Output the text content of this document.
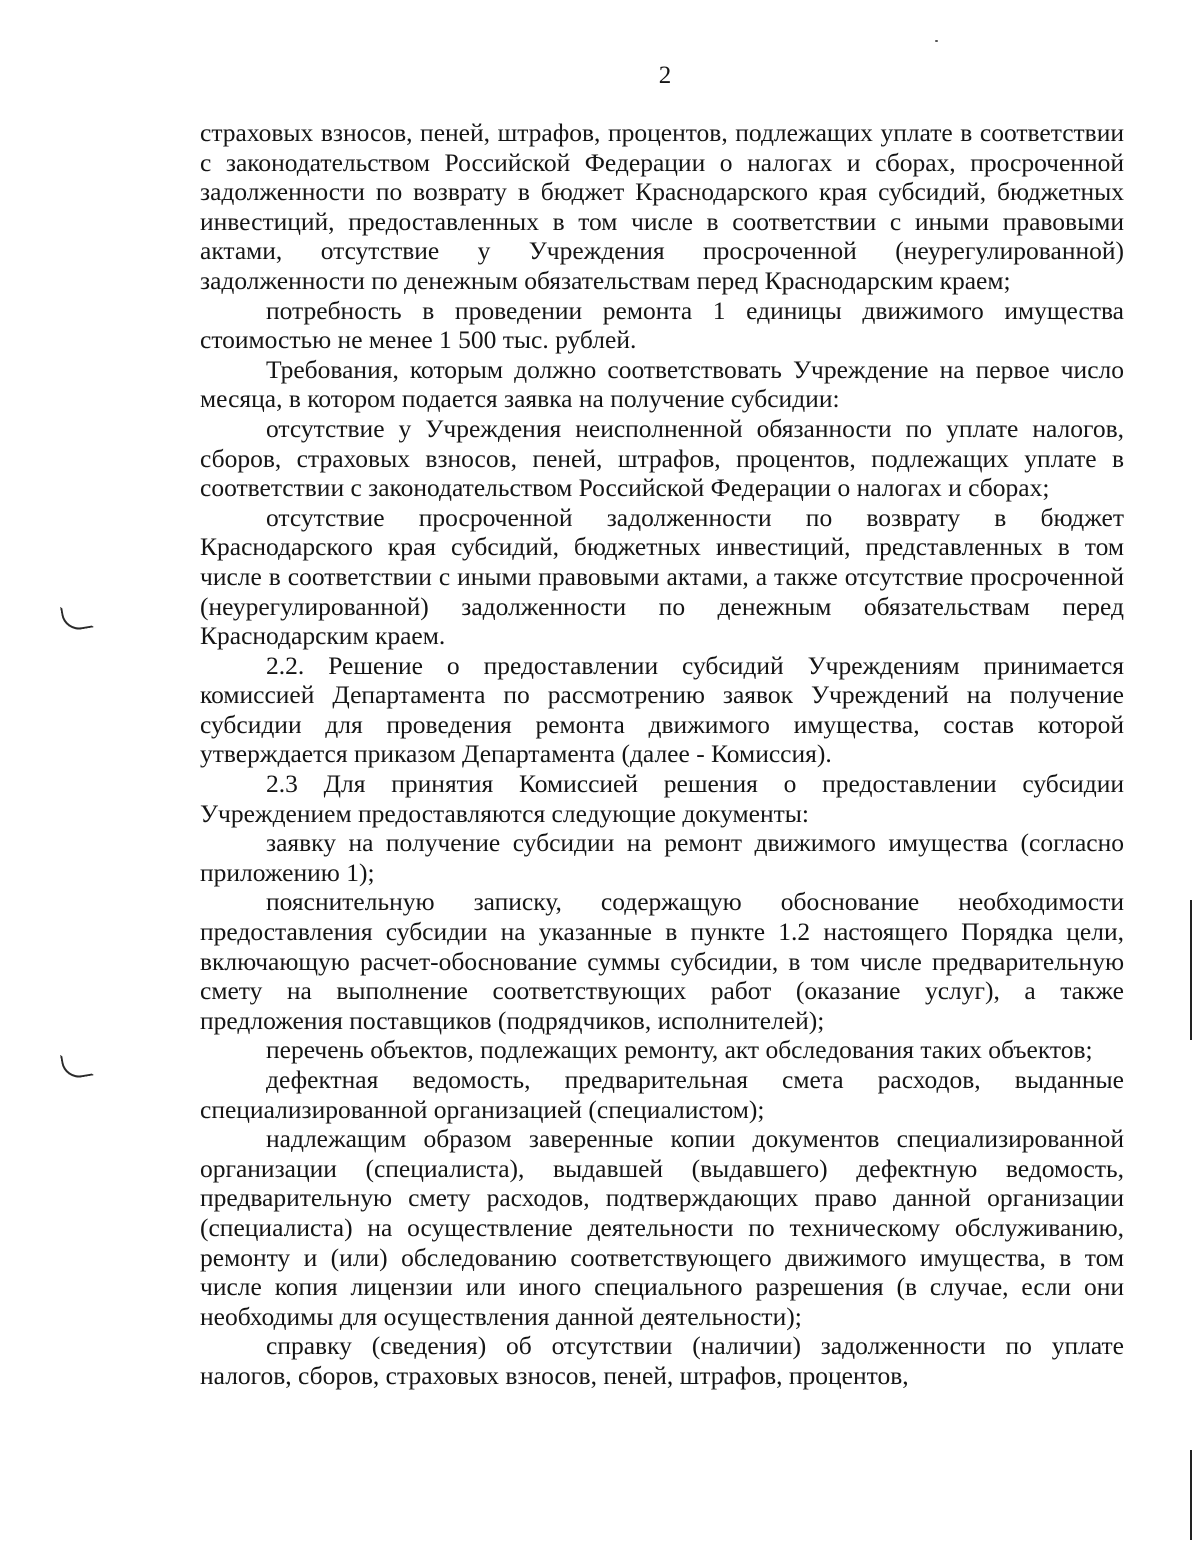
2

страховых взносов, пеней, штрафов, процентов, подлежащих уплате в соответствии с законодательством Российской Федерации о налогах и сборах, просроченной задолженности по возврату в бюджет Краснодарского края субсидий, бюджетных инвестиций, предоставленных в том числе в соответствии с иными правовыми актами, отсутствие у Учреждения просроченной (неурегулированной) задолженности по денежным обязательствам перед Краснодарским краем;

потребность в проведении ремонта 1 единицы движимого имущества стоимостью не менее 1 500 тыс. рублей.

Требования, которым должно соответствовать Учреждение на первое число месяца, в котором подается заявка на получение субсидии:

отсутствие у Учреждения неисполненной обязанности по уплате налогов, сборов, страховых взносов, пеней, штрафов, процентов, подлежащих уплате в соответствии с законодательством Российской Федерации о налогах и сборах;

отсутствие просроченной задолженности по возврату в бюджет Краснодарского края субсидий, бюджетных инвестиций, представленных в том числе в соответствии с иными правовыми актами, а также отсутствие просроченной (неурегулированной) задолженности по денежным обязательствам перед Краснодарским краем.

2.2. Решение о предоставлении субсидий Учреждениям принимается комиссией Департамента по рассмотрению заявок Учреждений на получение субсидии для проведения ремонта движимого имущества, состав которой утверждается приказом Департамента (далее - Комиссия).

2.3 Для принятия Комиссией решения о предоставлении субсидии Учреждением предоставляются следующие документы:

заявку на получение субсидии на ремонт движимого имущества (согласно приложению 1);

пояснительную записку, содержащую обоснование необходимости предоставления субсидии на указанные в пункте 1.2 настоящего Порядка цели, включающую расчет-обоснование суммы субсидии, в том числе предварительную смету на выполнение соответствующих работ (оказание услуг), а также предложения поставщиков (подрядчиков, исполнителей);

перечень объектов, подлежащих ремонту, акт обследования таких объектов;

дефектная ведомость, предварительная смета расходов, выданные специализированной организацией (специалистом);

надлежащим образом заверенные копии документов специализированной организации (специалиста), выдавшей (выдавшего) дефектную ведомость, предварительную смету расходов, подтверждающих право данной организации (специалиста) на осуществление деятельности по техническому обслуживанию, ремонту и (или) обследованию соответствующего движимого имущества, в том числе копия лицензии или иного специального разрешения (в случае, если они необходимы для осуществления данной деятельности);

справку (сведения) об отсутствии (наличии) задолженности по уплате налогов, сборов, страховых взносов, пеней, штрафов, процентов,
